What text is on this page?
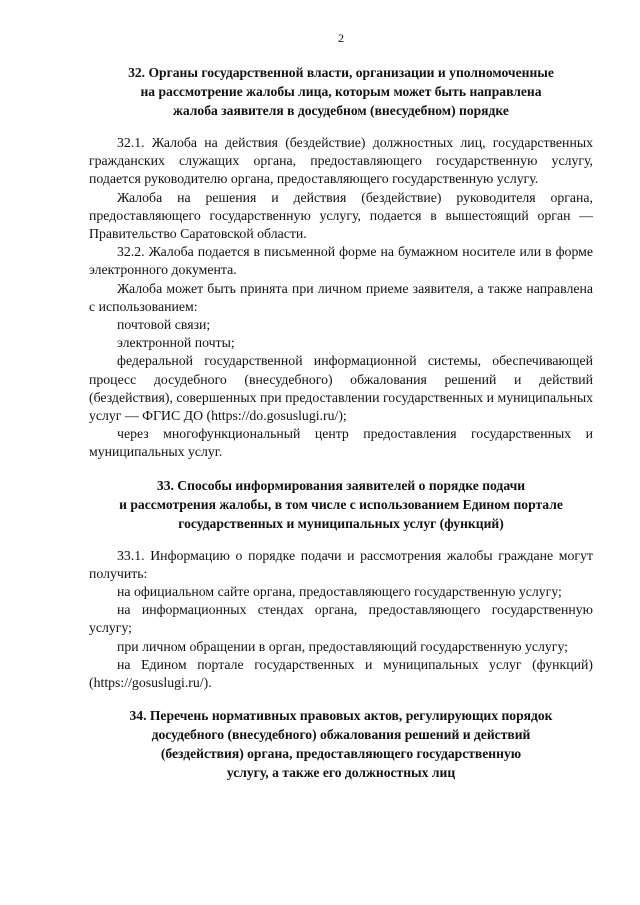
2
32. Органы государственной власти, организации и уполномоченные
на рассмотрение жалобы лица, которым может быть направлена
жалоба заявителя в досудебном (внесудебном) порядке

32.1. Жалоба на действия (бездействие) должностных лиц, государственных гражданских служащих органа, предоставляющего государственную услугу, подается руководителю органа, предоставляющего государственную услугу.

Жалоба на решения и действия (бездействие) руководителя органа, предоставляющего государственную услугу, подается в вышестоящий орган — Правительство Саратовской области.

32.2. Жалоба подается в письменной форме на бумажном носителе или в форме электронного документа.

Жалоба может быть принята при личном приеме заявителя, а также направлена с использованием:

почтовой связи;

электронной почты;

федеральной государственной информационной системы, обеспечивающей процесс досудебного (внесудебного) обжалования решений и действий (бездействия), совершенных при предоставлении государственных и муниципальных услуг — ФГИС ДО (https://do.gosuslugi.ru/);

через многофункциональный центр предоставления государственных и муниципальных услуг.

33. Способы информирования заявителей о порядке подачи
и рассмотрения жалобы, в том числе с использованием Едином портале
государственных и муниципальных услуг (функций)

33.1. Информацию о порядке подачи и рассмотрения жалобы граждане могут получить:

на официальном сайте органа, предоставляющего государственную услугу;

на информационных стендах органа, предоставляющего государственную услугу;

при личном обращении в орган, предоставляющий государственную услугу;

на Едином портале государственных и муниципальных услуг (функций) (https://gosuslugi.ru/).

34. Перечень нормативных правовых актов, регулирующих порядок
досудебного (внесудебного) обжалования решений и действий
(бездействия) органа, предоставляющего государственную
услугу, а также его должностных лиц
